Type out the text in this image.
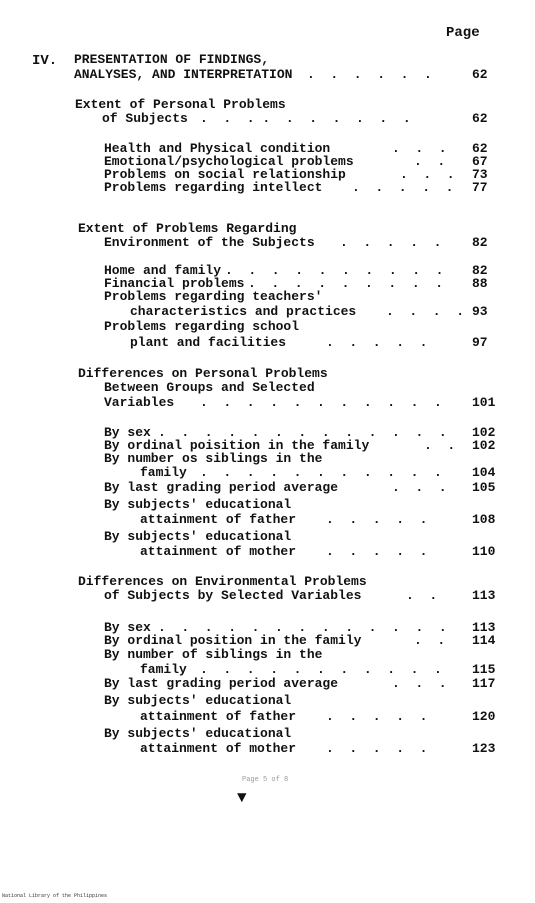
Page
IV. PRESENTATION OF FINDINGS,
ANALYSES, AND INTERPRETATION .  .  .  .  .  .	62
Extent of Personal Problems
of Subjects .  .  . .  .  .  .  .  .  .	62
Health and Physical condition	.  .  . 62
Emotional/psychological problems	.  . 67
Problems on social relationship	.  .  . 73
Problems regarding intellect .  .  .  .  . 77
Extent of Problems Regarding
Environment of the Subjects .  .  .  .  . 82
Home and family .  .  .  .  .  .  .  .  .  . 82
Financial problems .  .  .  .  .  .  .  .  . 88
Problems regarding teachers'
characteristics and practices .  .  .  . 93
Problems regarding school
plant and facilities	.  .  .  .  .	97
Differences on Personal Problems
Between Groups and Selected
Variables .  .  .  .  .  .  .  .  .  .  . 101
By sex .  .  .  .  .  .  .  .  .  .  .  .  . 102
By ordinal poisition in the family	.  . 102
By number os siblings in the
family .  .  .  .  .  .  .  .  .  .  . 104
By last grading period average	.  .  . 105
By subjects' educational
attainment of father .  .  .  .  .	108
By subjects' educational
attainment of mother .  .  .  .  .	110
Differences on Environmental Problems
of Subjects by Selected Variables	.  .	113
By sex .  .  .  .  .  .  .  .  .  .  .  .  . 113
By ordinal position in the family	.  . 114
By number of siblings in the
family .  .  .  .  .  .  .  .  .  .  . 115
By last grading period average	.  .  . 117
By subjects' educational
attainment of father .  .  .  .  .	120
By subjects' educational
attainment of mother .  .  .  .  .	123
Page 5 of 8
▼
National Library of the Philippines
